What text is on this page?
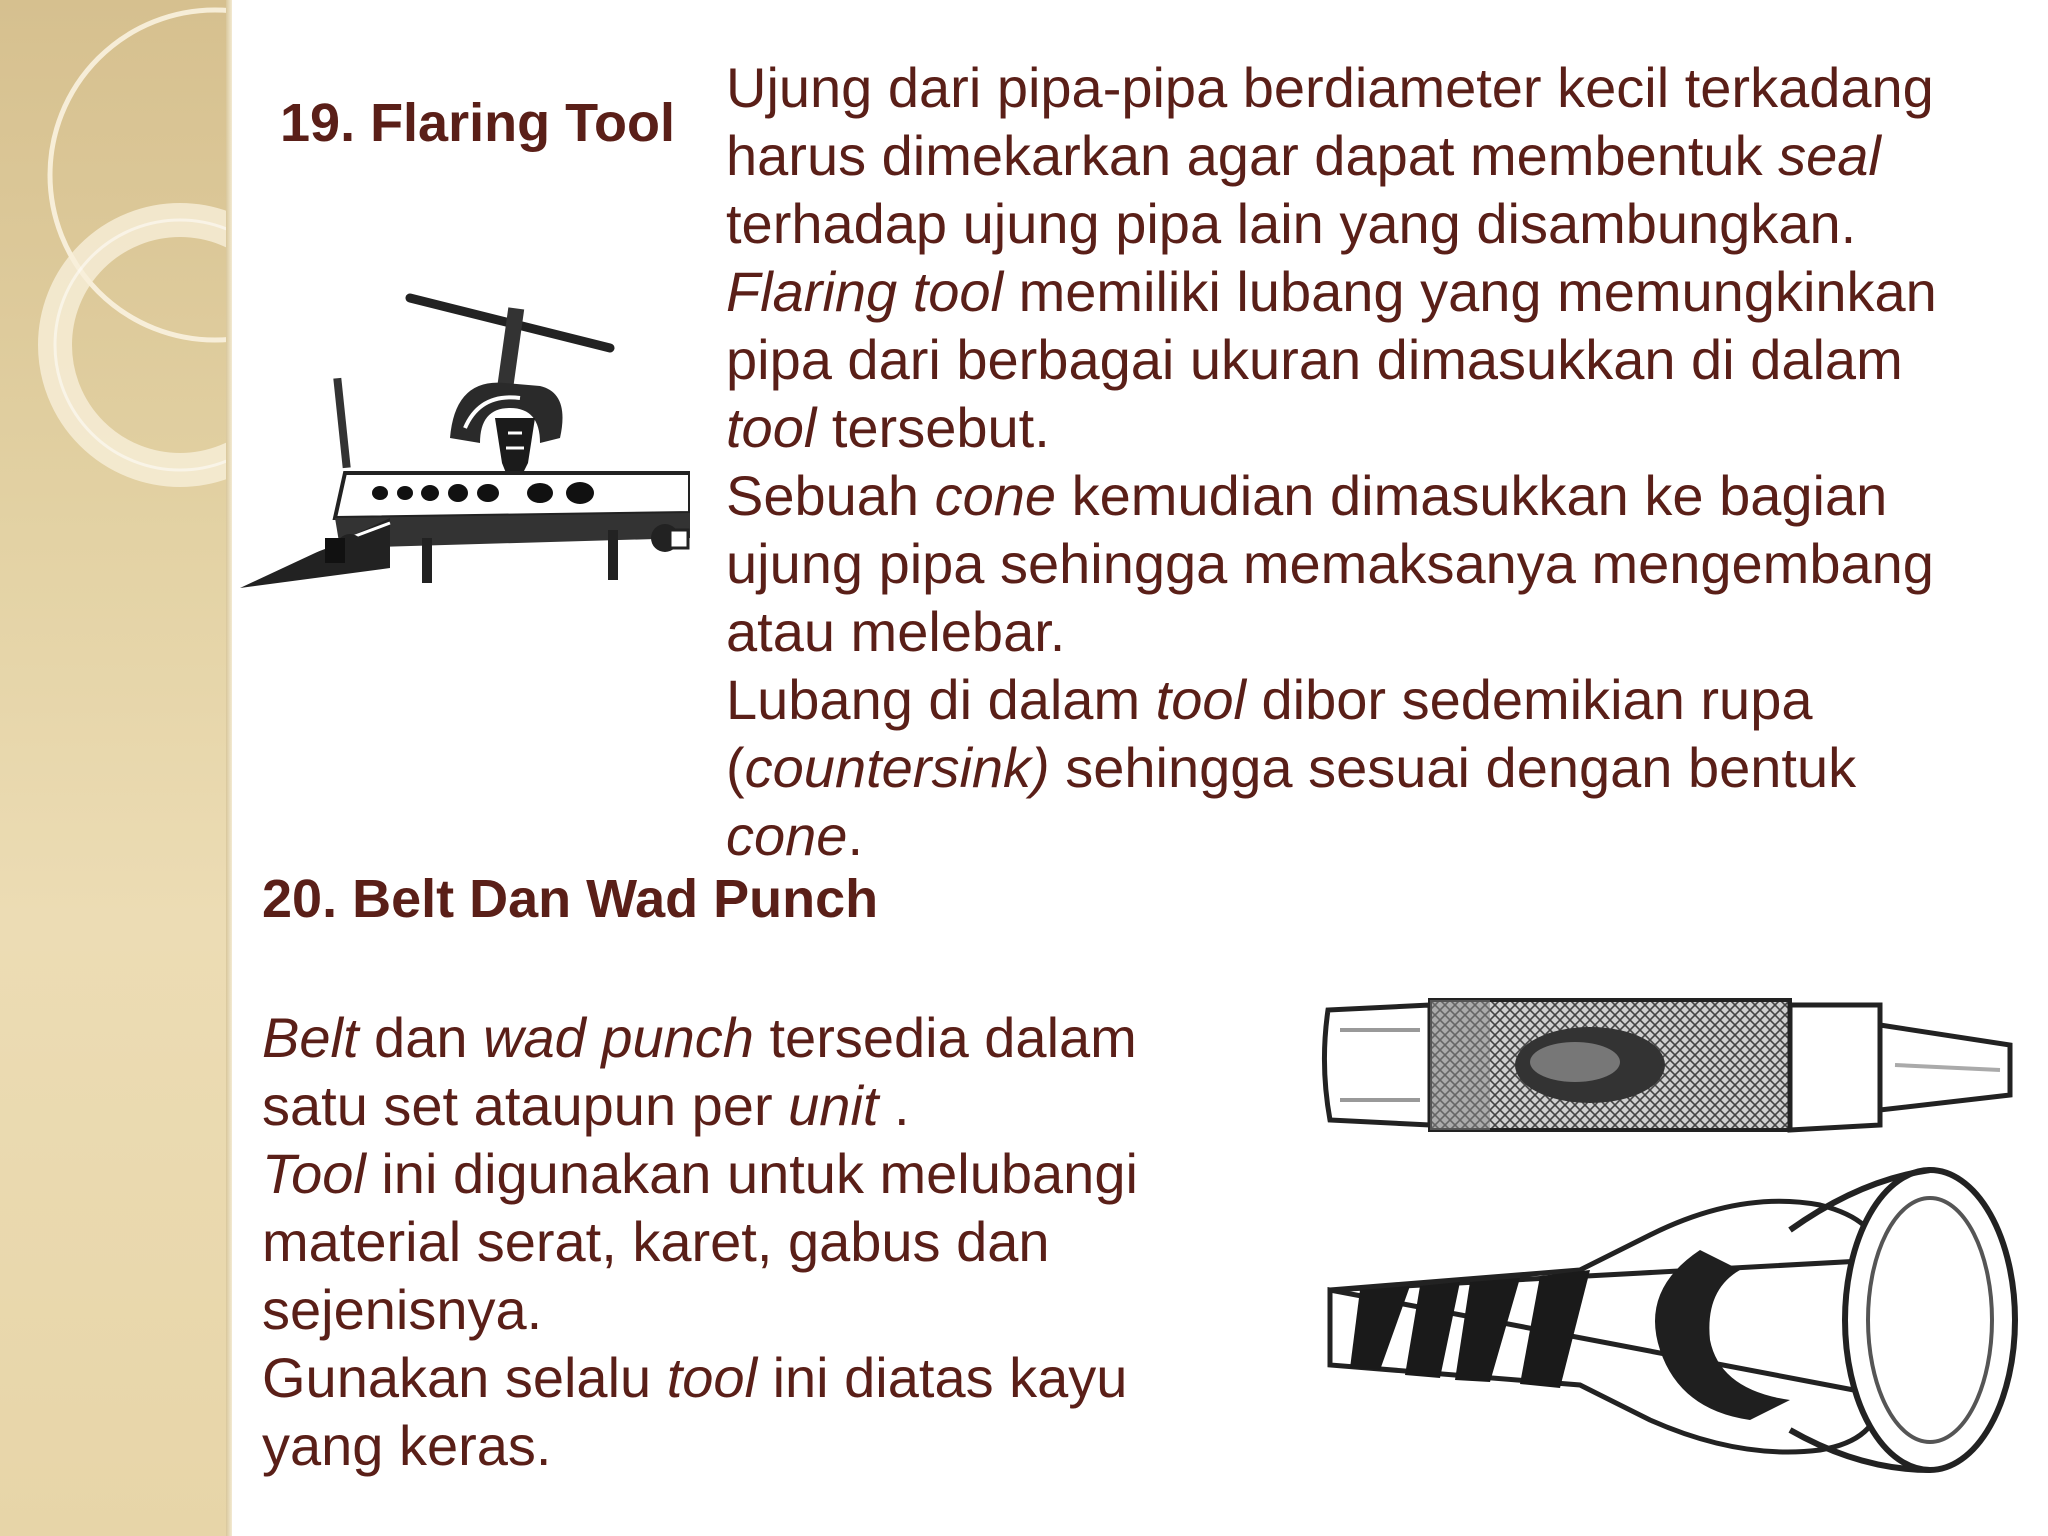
19. Flaring Tool
Ujung dari pipa-pipa berdiameter kecil terkadang
harus dimekarkan agar dapat membentuk seal
terhadap ujung pipa lain yang disambungkan.
Flaring tool memiliki lubang yang memungkinkan
pipa dari berbagai ukuran dimasukkan di dalam
tool tersebut.
Sebuah cone kemudian dimasukkan ke bagian
ujung pipa sehingga memaksanya mengembang
atau melebar.
Lubang di dalam tool dibor sedemikian rupa
(countersink) sehingga sesuai dengan bentuk
cone.
20. Belt Dan Wad Punch
Belt dan wad punch tersedia dalam
satu set ataupun per unit .
Tool ini digunakan untuk melubangi
material serat, karet, gabus dan
sejenisnya.
Gunakan selalu tool ini diatas kayu
yang keras.
